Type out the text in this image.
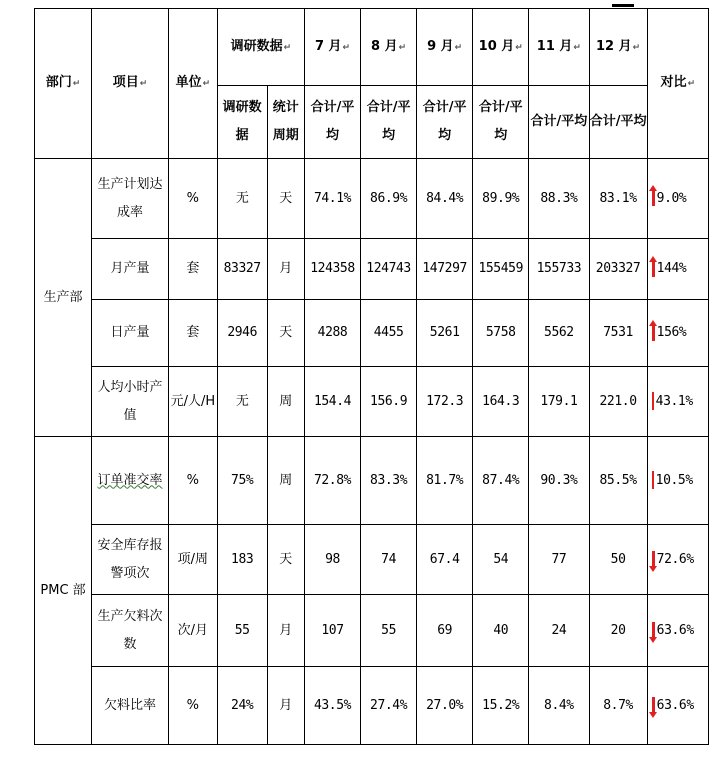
部门↵	项目↵	单位↵	调研数据↵		7 月↵	8 月↵	9 月↵	10 月↵	11 月↵	12 月↵	对比↵
			调研数据	统计周期	合计/平均	合计/平均	合计/平均	合计/平均	合计/平均	合计/平均	
生产部	生产计划达成率	%	无	天	74.1%	86.9%	84.4%	89.9%	88.3%	83.1%	9.0%
	月产量	套	83327	月	124358	124743	147297	155459	155733	203327	144%
	日产量	套	2946	天	4288	4455	5261	5758	5562	7531	156%
	人均小时产值	元/人/H	无	周	154.4	156.9	172.3	164.3	179.1	221.0	43.1%
PMC 部	订单准交率	%	75%	周	72.8%	83.3%	81.7%	87.4%	90.3%	85.5%	10.5%
	安全库存报警项次	项/周	183	天	98	74	67.4	54	77	50	72.6%
	生产欠料次数	次/月	55	月	107	55	69	40	24	20	63.6%
	欠料比率	%	24%	月	43.5%	27.4%	27.0%	15.2%	8.4%	8.7%	63.6%
